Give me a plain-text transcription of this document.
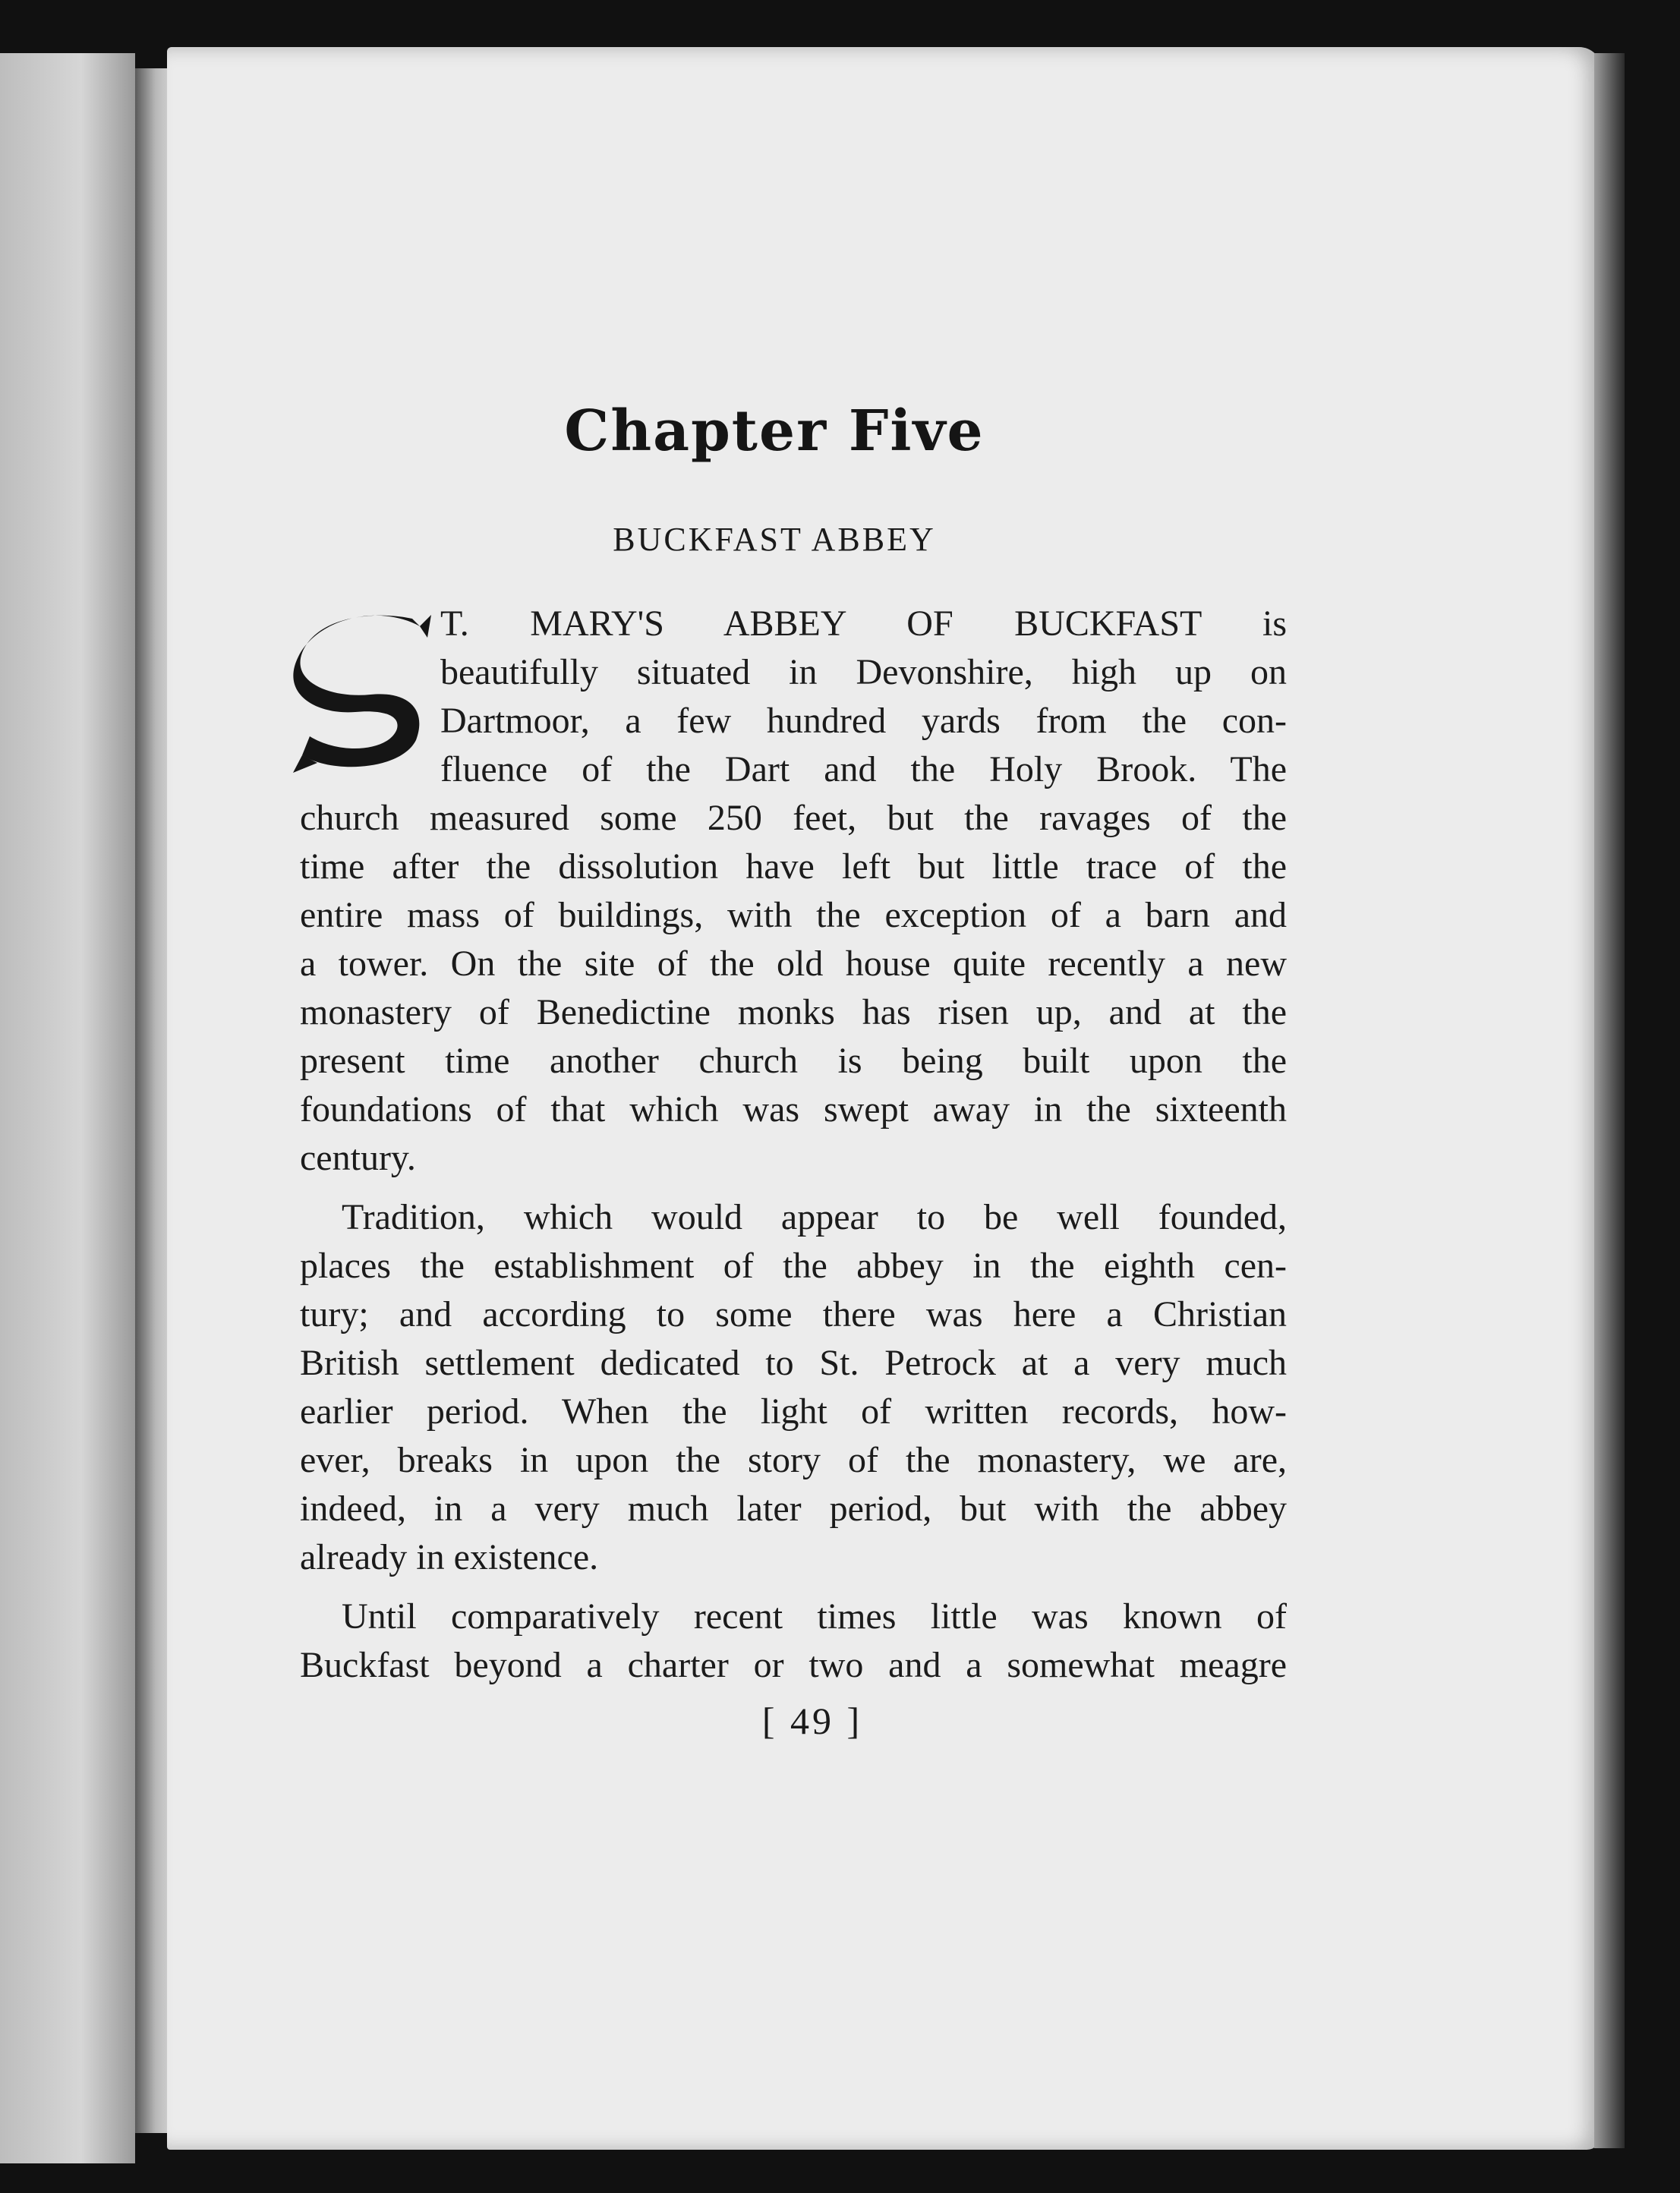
Chapter Five
BUCKFAST ABBEY
S
T. MARY'S ABBEY OF BUCKFAST is
beautifully situated in Devonshire, high up on
Dartmoor, a few hundred yards from the con-
fluence of the Dart and the Holy Brook. The
church measured some 250 feet, but the ravages of the
time after the dissolution have left but little trace of the
entire mass of buildings, with the exception of a barn and
a tower. On the site of the old house quite recently a new
monastery of Benedictine monks has risen up, and at the
present time another church is being built upon the
foundations of that which was swept away in the sixteenth
century.
Tradition, which would appear to be well founded,
places the establishment of the abbey in the eighth cen-
tury; and according to some there was here a Christian
British settlement dedicated to St. Petrock at a very much
earlier period. When the light of written records, how-
ever, breaks in upon the story of the monastery, we are,
indeed, in a very much later period, but with the abbey
already in existence.
Until comparatively recent times little was known of
Buckfast beyond a charter or two and a somewhat meagre
[ 49 ]
